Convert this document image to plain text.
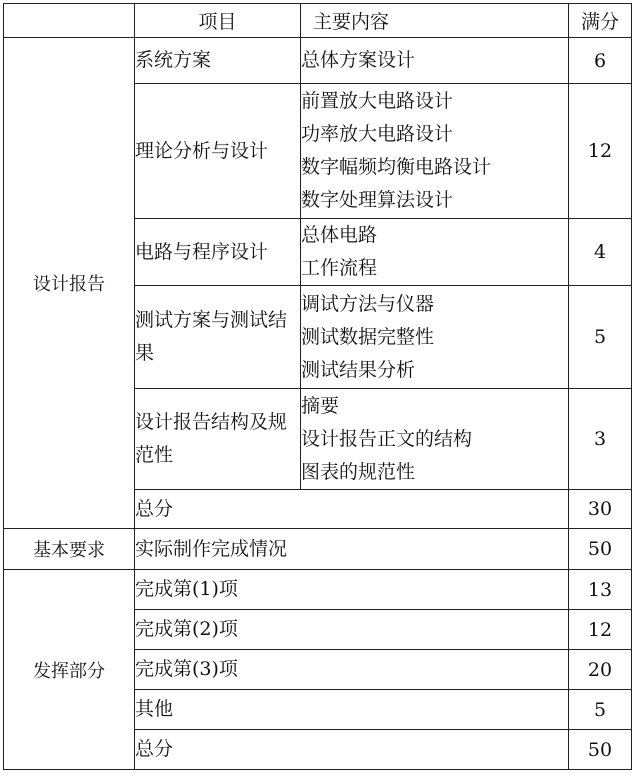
	项目	主要内容	满分
设计报告	系统方案	总体方案设计	6
	理论分析与设计	前置放大电路设计
功率放大电路设计
数字幅频均衡电路设计
数字处理算法设计	12
	电路与程序设计	总体电路
工作流程	4
	测试方案与测试结果	调试方法与仪器
测试数据完整性
测试结果分析	5
	设计报告结构及规范性	摘要
设计报告正文的结构
图表的规范性	3
	总分		30
基本要求	实际制作完成情况		50
发挥部分	完成第(1)项		13
	完成第(2)项		12
	完成第(3)项		20
	其他		5
	总分		50
